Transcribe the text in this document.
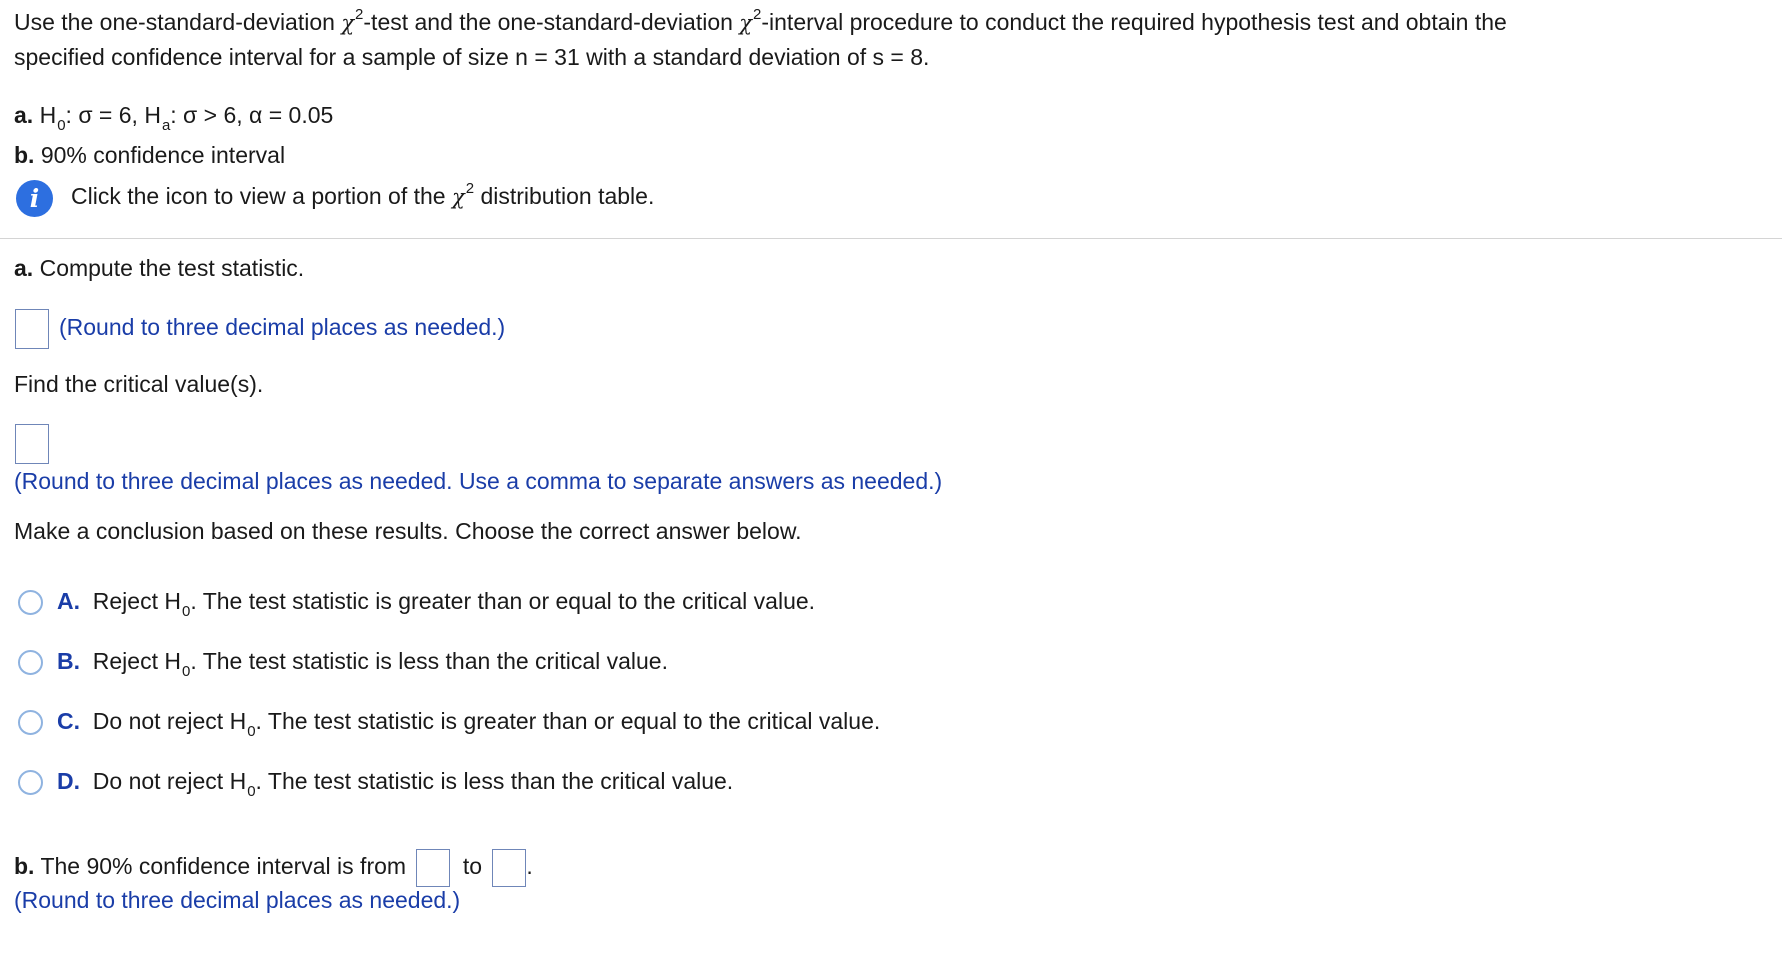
Use the one-standard-deviation $\chi^2$-test and the one-standard-deviation $\chi^2$-interval procedure to conduct the required hypothesis test and obtain the
specified confidence interval for a sample of size n = 31 with a standard deviation of s = 8.
a. $H_0$: σ = 6, $H_a$: σ > 6, α = 0.05
b. 90% confidence interval
i	Click the icon to view a portion of the $\chi^2$ distribution table.
a. Compute the test statistic.
(Round to three decimal places as needed.)
Find the critical value(s).
(Round to three decimal places as needed. Use a comma to separate answers as needed.)
Make a conclusion based on these results. Choose the correct answer below.
A. Reject $H_0$. The test statistic is greater than or equal to the critical value.
B. Reject $H_0$. The test statistic is less than the critical value.
C. Do not reject $H_0$. The test statistic is greater than or equal to the critical value.
D. Do not reject $H_0$. The test statistic is less than the critical value.
b. The 90% confidence interval is from to .
(Round to three decimal places as needed.)
